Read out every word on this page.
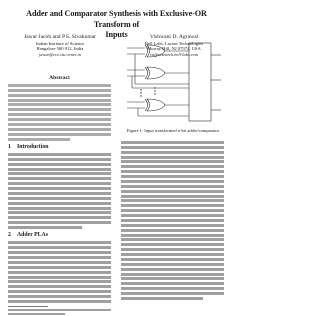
Adder and Comparator Synthesis with Exclusive-OR Transform of
Inputs
Jawar Jacob and P.S. Sivakumar
Indian Institute of Science
Bangalore 560 012, India
jawar@ece.iisc.ernet.in
Vishwani D. Agrawal
Bell Labs, Lucent Technologies
Murray Hill, NJ 07974, USA
va@research.bell-labs.com
Abstract
1 Introduction
2 Adder PLAs
Figure 1: Input transformed n-bit adder/comparator
